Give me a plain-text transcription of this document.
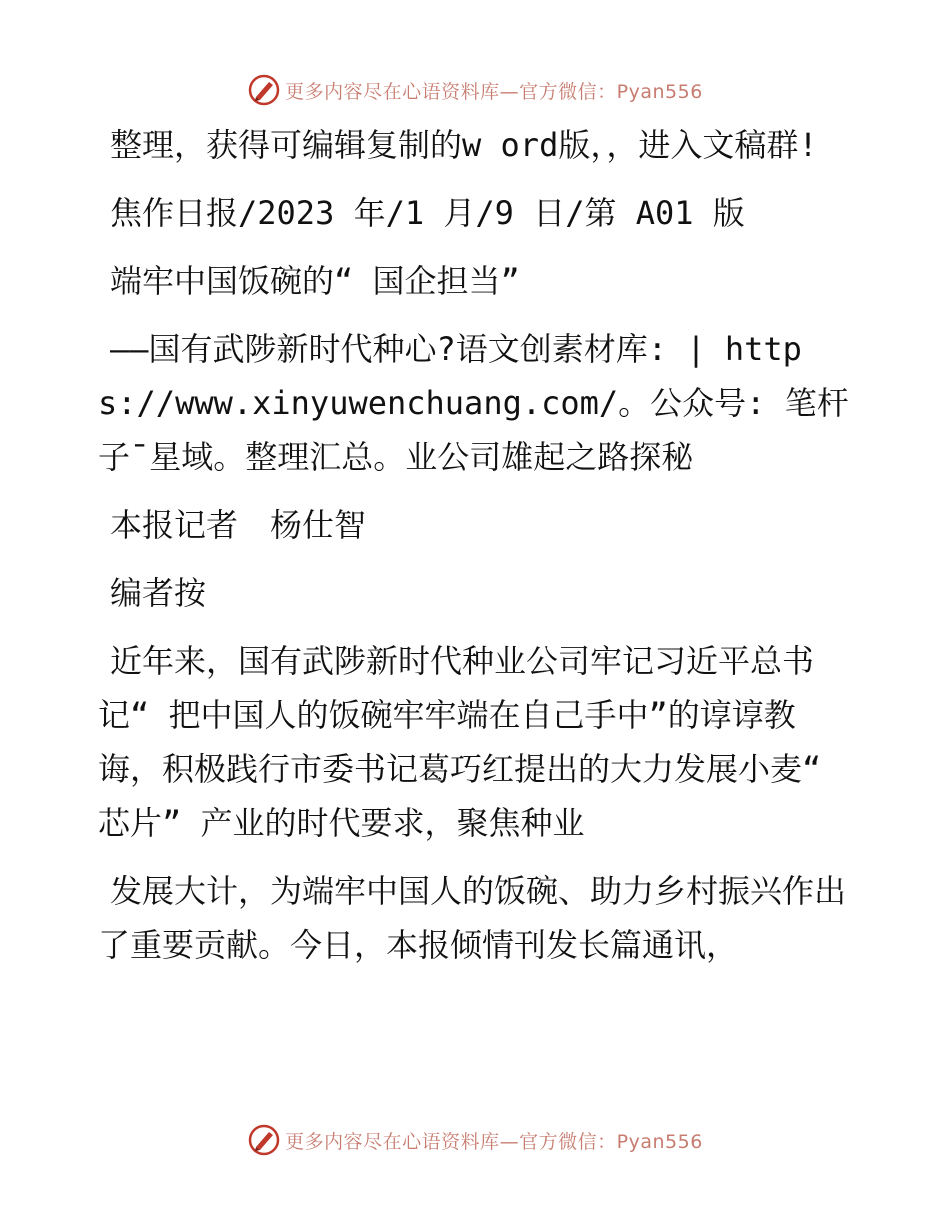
更多内容尽在心语资料库— 官方微信：Pyan556

整理，获得可编辑复制的w ord版，，进入文稿群!

焦作日报/2023 年/1 月/9 日/第 A01 版

端牢中国饭碗的“ 国企担当”

——国有武陟新时代种心?语文创素材库: | https://www.xinyuwenchuang.com/。公众号: 笔杆子¯星域。整理汇总。业公司雄起之路探秘

本报记者　杨仕智

编者按

近年来，国有武陟新时代种业公司牢记习近平总书记“ 把中国人的饭碗牢牢端在自己手中”的谆谆教诲，积极践行市委书记葛巧红提出的大力发展小麦“ 芯片” 产业的时代要求，聚焦种业

发展大计，为端牢中国人的饭碗、助力乡村振兴作出了重要贡献。今日，本报倾情刊发长篇通讯，

更多内容尽在心语资料库— 官方微信：Pyan556
